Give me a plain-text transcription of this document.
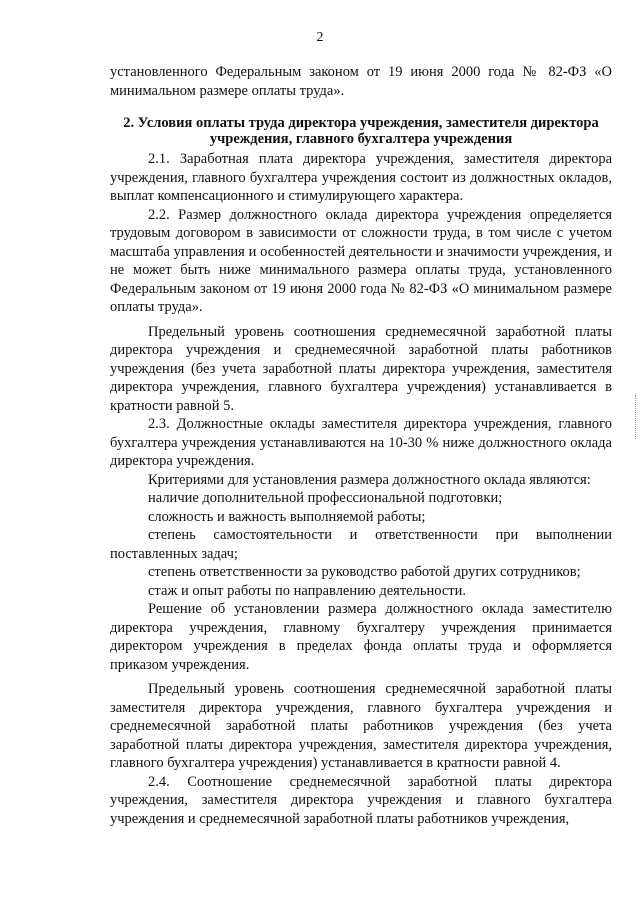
2

установленного Федеральным законом от 19 июня 2000 года № 82-ФЗ «О минимальном размере оплаты труда».

2. Условия оплаты труда директора учреждения, заместителя директора учреждения, главного бухгалтера учреждения

2.1. Заработная плата директора учреждения, заместителя директора учреждения, главного бухгалтера учреждения состоит из должностных окладов, выплат компенсационного и стимулирующего характера.

2.2. Размер должностного оклада директора учреждения определяется трудовым договором в зависимости от сложности труда, в том числе с учетом масштаба управления и особенностей деятельности и значимости учреждения, и не может быть ниже минимального размера оплаты труда, установленного Федеральным законом от 19 июня 2000 года № 82-ФЗ «О минимальном размере оплаты труда».

Предельный уровень соотношения среднемесячной заработной платы директора учреждения и среднемесячной заработной платы работников учреждения (без учета заработной платы директора учреждения, заместителя директора учреждения, главного бухгалтера учреждения) устанавливается в кратности равной 5.

2.3. Должностные оклады заместителя директора учреждения, главного бухгалтера учреждения устанавливаются на 10-30 % ниже должностного оклада директора учреждения.

Критериями для установления размера должностного оклада являются:

наличие дополнительной профессиональной подготовки;

сложность и важность выполняемой работы;

степень самостоятельности и ответственности при выполнении поставленных задач;

степень ответственности за руководство работой других сотрудников;

стаж и опыт работы по направлению деятельности.

Решение об установлении размера должностного оклада заместителю директора учреждения, главному бухгалтеру учреждения принимается директором учреждения в пределах фонда оплаты труда и оформляется приказом учреждения.

Предельный уровень соотношения среднемесячной заработной платы заместителя директора учреждения, главного бухгалтера учреждения и среднемесячной заработной платы работников учреждения (без учета заработной платы директора учреждения, заместителя директора учреждения, главного бухгалтера учреждения) устанавливается в кратности равной 4.

2.4. Соотношение среднемесячной заработной платы директора учреждения, заместителя директора учреждения и главного бухгалтера учреждения и среднемесячной заработной платы работников учреждения,
